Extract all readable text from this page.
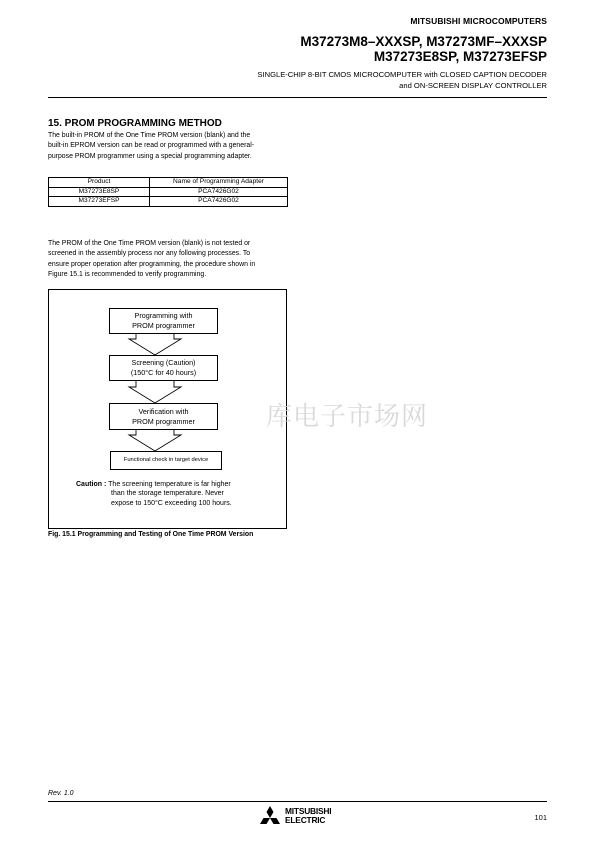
MITSUBISHI MICROCOMPUTERS
M37273M8–XXXSP, M37273MF–XXXSP
M37273E8SP, M37273EFSP
SINGLE-CHIP 8-BIT CMOS MICROCOMPUTER with CLOSED CAPTION DECODER
and ON-SCREEN DISPLAY CONTROLLER
15. PROM PROGRAMMING METHOD
The built-in PROM of the One Time PROM version (blank) and the
built-in EPROM version can be read or programmed with a general-
purpose PROM programmer using a special programming adapter.
Product	Name of Programming Adapter
M37273E8SP	PCA7426G02
M37273EFSP	PCA7426G02
The PROM of the One Time PROM version (blank) is not tested or
screened in the assembly process nor any following processes. To
ensure proper operation after programming, the procedure shown in
Figure 15.1 is recommended to verify programming.
Programming with
PROM programmer
Screening (Caution)
(150°C for 40 hours)
Verification with
PROM programmer
Functional check in target device
Caution : The screening temperature is far higher
than the storage temperature. Never
expose to 150°C exceeding 100 hours.
Fig. 15.1 Programming and Testing of One Time PROM Version
库电子市场网
Rev. 1.0
MITSUBISHI
ELECTRIC	101
